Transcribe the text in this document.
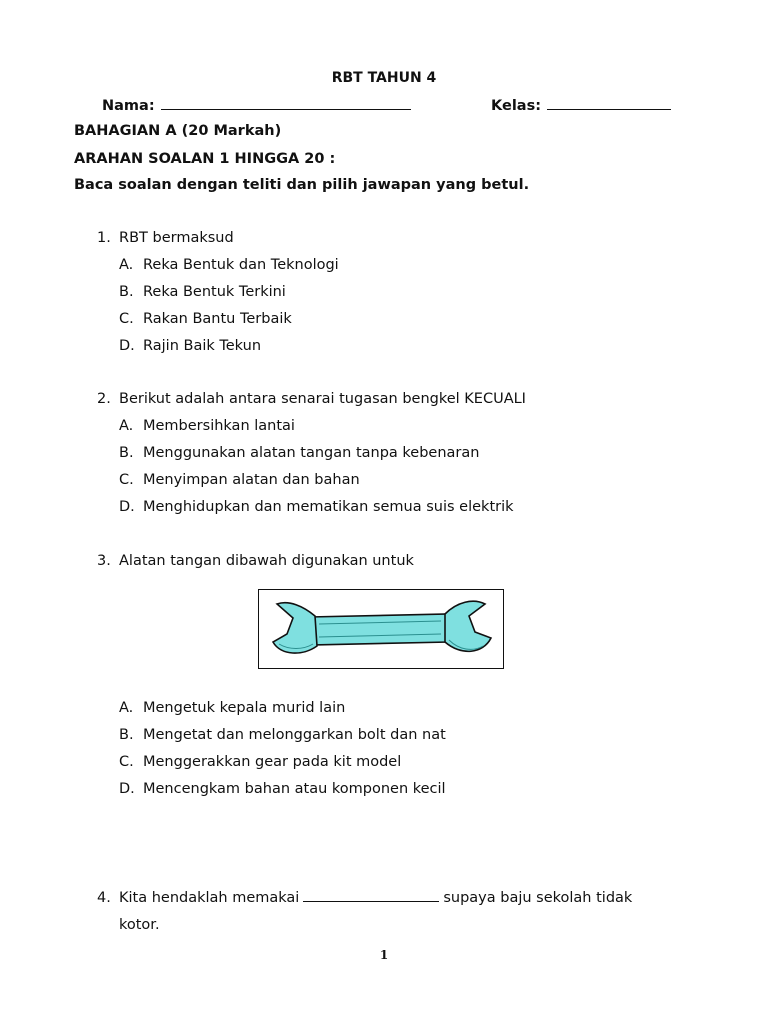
RBT TAHUN 4
Nama:	Kelas:
BAHAGIAN A (20 Markah)
ARAHAN SOALAN 1 HINGGA 20 :
Baca soalan dengan teliti dan pilih jawapan yang betul.
1. RBT bermaksud
A. Reka Bentuk dan Teknologi
B. Reka Bentuk Terkini
C. Rakan Bantu Terbaik
D. Rajin Baik Tekun
2. Berikut adalah antara senarai tugasan bengkel KECUALI
A. Membersihkan lantai
B. Menggunakan alatan tangan tanpa kebenaran
C. Menyimpan alatan dan bahan
D. Menghidupkan dan mematikan semua suis elektrik
3. Alatan tangan dibawah digunakan untuk
A. Mengetuk kepala murid lain
B. Mengetat dan melonggarkan bolt dan nat
C. Menggerakkan gear pada kit model
D. Mencengkam bahan atau komponen kecil
4. Kita hendaklah memakai	supaya baju sekolah tidak
kotor.
1
